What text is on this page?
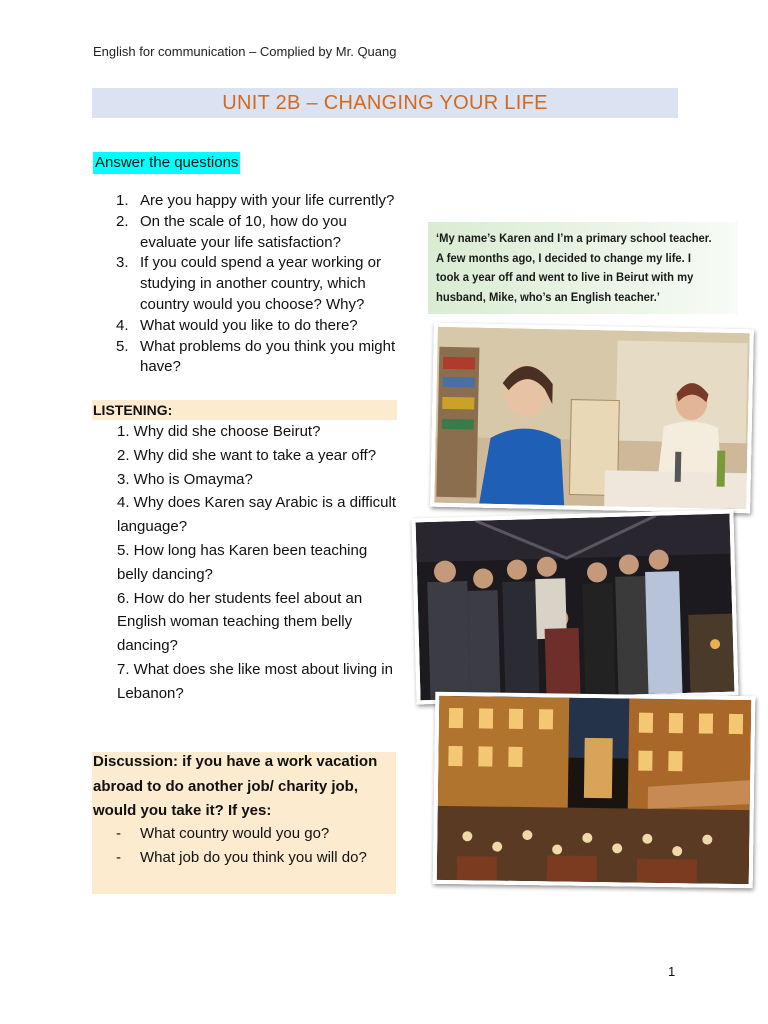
English for communication – Complied by Mr. Quang
UNIT 2B – CHANGING YOUR LIFE
Answer the questions
1. Are you happy with your life currently?
2. On the scale of 10, how do you evaluate your life satisfaction?
3. If you could spend a year working or studying in another country, which country would you choose? Why?
4. What would you like to do there?
5. What problems do you think you might have?
LISTENING:
1. Why did she choose Beirut?
2. Why did she want to take a year off?
3. Who is Omayma?
4. Why does Karen say Arabic is a difficult language?
5. How long has Karen been teaching belly dancing?
6. How do her students feel about an English woman teaching them belly dancing?
7. What does she like most about living in Lebanon?
Discussion: if you have a work vacation abroad to do another job/ charity job, would you take it? If yes:
-	What country would you go?
-	What job do you think you will do?
‘My name’s Karen and I’m a primary school teacher. A few months ago, I decided to change my life. I took a year off and went to live in Beirut with my husband, Mike, who’s an English teacher.’
1
